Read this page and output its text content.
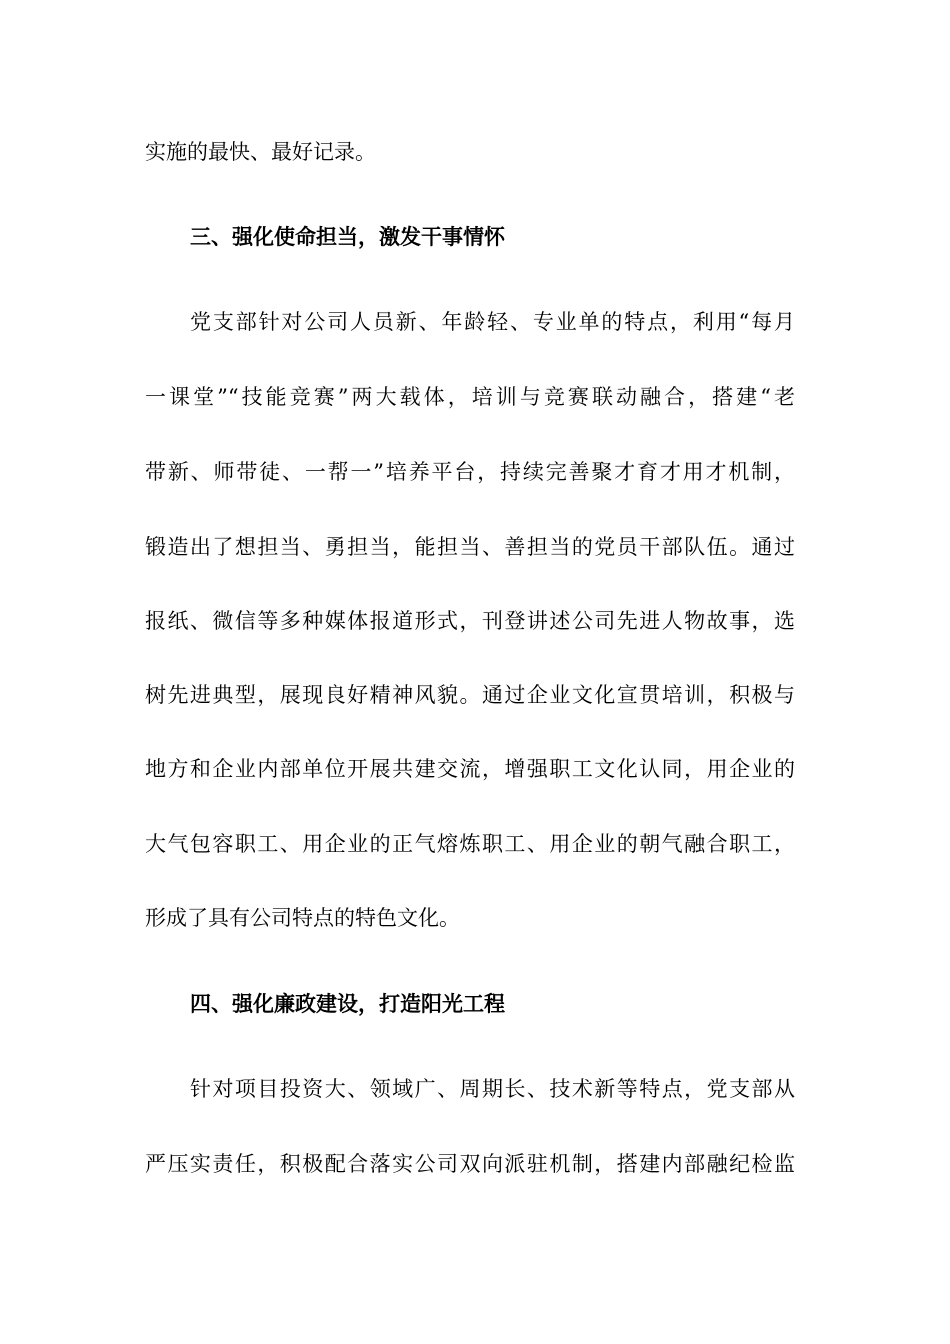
实施的最快、最好记录。
三、强化使命担当，激发干事情怀
党支部针对公司人员新、年龄轻、专业单的特点，利用“每月
一课堂”“技能竞赛”两大载体，培训与竞赛联动融合，搭建“老
带新、师带徒、一帮一”培养平台，持续完善聚才育才用才机制，
锻造出了想担当、勇担当，能担当、善担当的党员干部队伍。通过
报纸、微信等多种媒体报道形式，刊登讲述公司先进人物故事，选
树先进典型，展现良好精神风貌。通过企业文化宣贯培训，积极与
地方和企业内部单位开展共建交流，增强职工文化认同，用企业的
大气包容职工、用企业的正气熔炼职工、用企业的朝气融合职工，
形成了具有公司特点的特色文化。
四、强化廉政建设，打造阳光工程
针对项目投资大、领域广、周期长、技术新等特点，党支部从
严压实责任，积极配合落实公司双向派驻机制，搭建内部融纪检监
